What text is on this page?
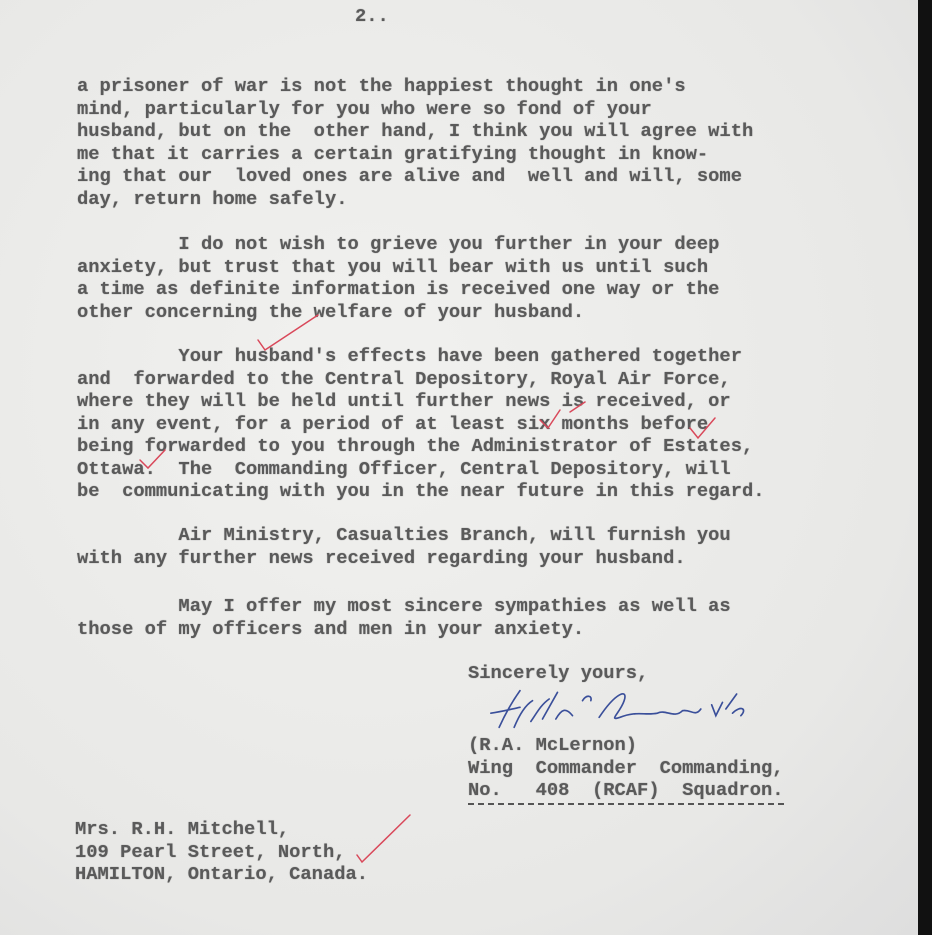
2..
a prisoner of war is not the happiest thought in one's
mind, particularly for you who were so fond of your
husband, but on the  other hand, I think you will agree with
me that it carries a certain gratifying thought in know-
ing that our  loved ones are alive and  well and will, some
day, return home safely.
I do not wish to grieve you further in your deep
anxiety, but trust that you will bear with us until such
a time as definite information is received one way or the
other concerning the welfare of your husband.
Your husband's effects have been gathered together
and  forwarded to the Central Depository, Royal Air Force,
where they will be held until further news is received, or
in any event, for a period of at least six months before
being forwarded to you through the Administrator of Estates,
Ottawa.  The  Commanding Officer, Central Depository, will
be  communicating with you in the near future in this regard.
Air Ministry, Casualties Branch, will furnish you
with any further news received regarding your husband.
May I offer my most sincere sympathies as well as
those of my officers and men in your anxiety.
Sincerely yours,
(R.A. McLernon)
Wing  Commander  Commanding,
No.   408  (RCAF)  Squadron.
Mrs. R.H. Mitchell,
109 Pearl Street, North,
HAMILTON, Ontario, Canada.
